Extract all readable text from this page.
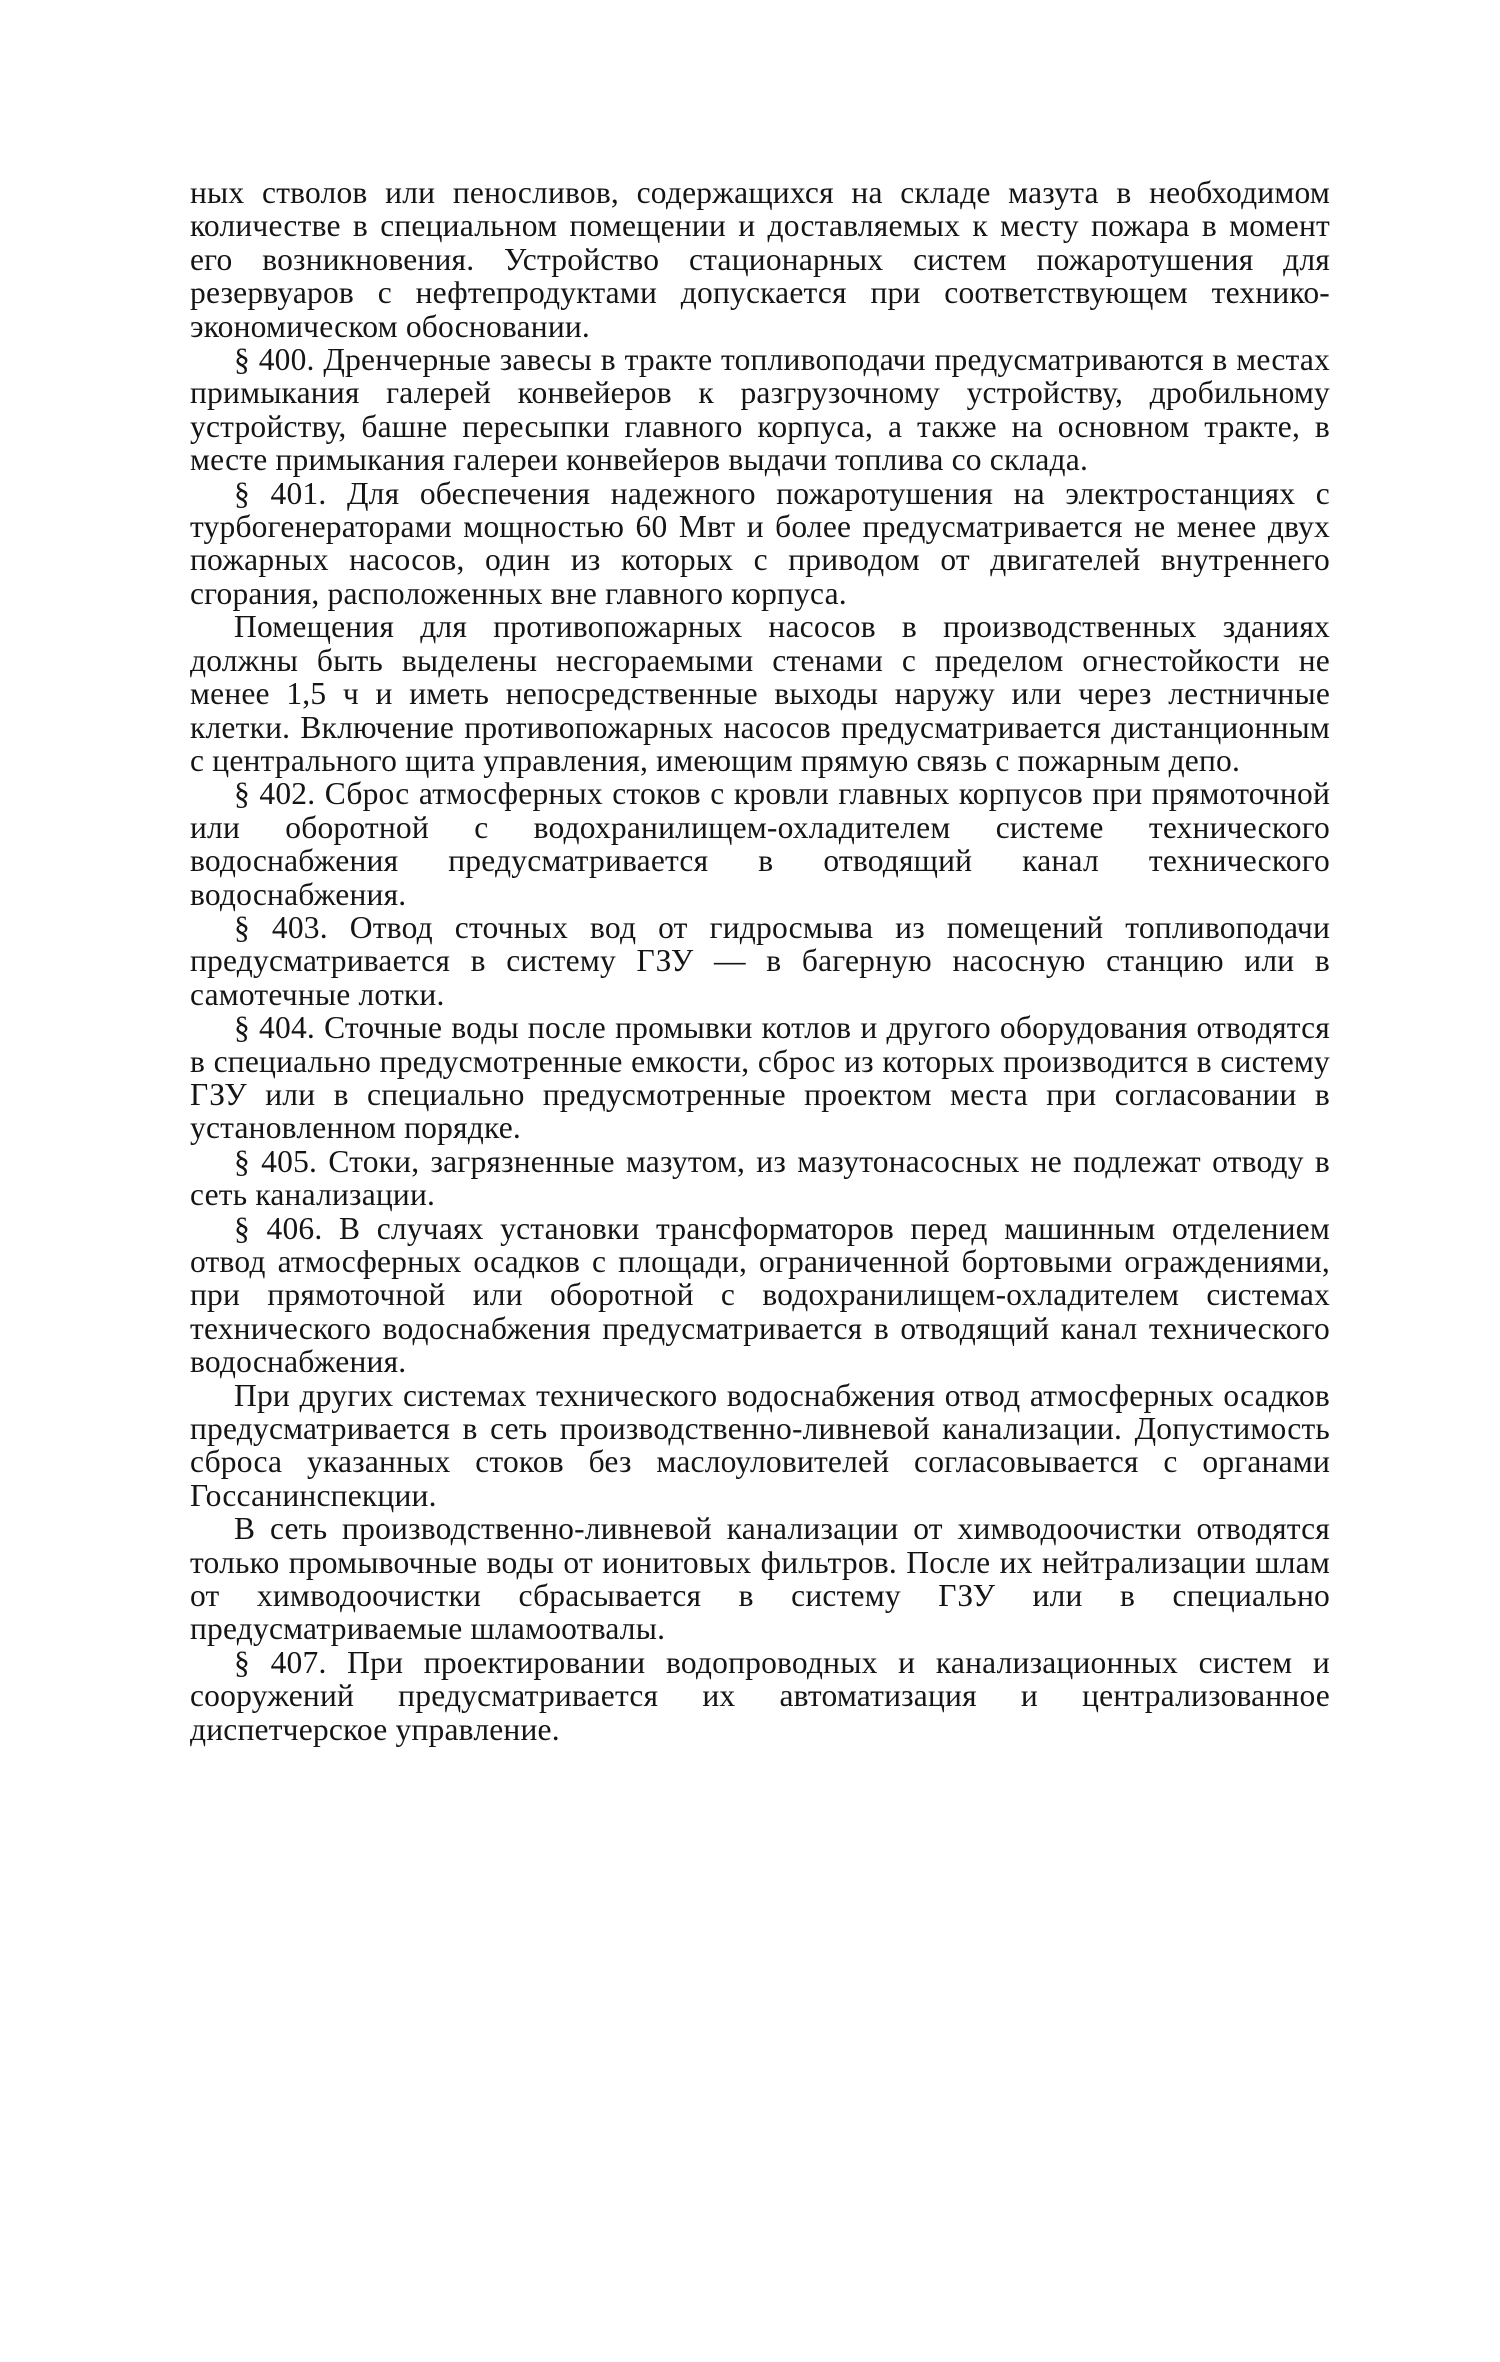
ных стволов или пеносливов, содержащихся на складе мазута в необходимом количестве в специальном помещении и доставляемых к месту пожара в момент его возникновения. Устройство стационарных систем пожаротушения для резервуаров с нефтепродуктами допускается при соответствующем технико-экономическом обосновании.

§ 400. Дренчерные завесы в тракте топливоподачи предусматриваются в местах примыкания галерей конвейеров к разгрузочному устройству, дробильному устройству, башне пересыпки главного корпуса, а также на основном тракте, в месте примыкания галереи конвейеров выдачи топлива со склада.

§ 401. Для обеспечения надежного пожаротушения на электростанциях с турбогенераторами мощностью 60 Мвт и более предусматривается не менее двух пожарных насосов, один из которых с приводом от двигателей внутреннего сгорания, расположенных вне главного корпуса.

Помещения для противопожарных насосов в производственных зданиях должны быть выделены несгораемыми стенами с пределом огнестойкости не менее 1,5 ч и иметь непосредственные выходы наружу или через лестничные клетки. Включение противопожарных насосов предусматривается дистанционным с центрального щита управления, имеющим прямую связь с пожарным депо.

§ 402. Сброс атмосферных стоков с кровли главных корпусов при прямоточной или оборотной с водохранилищем-охладителем системе технического водоснабжения предусматривается в отводящий канал технического водоснабжения.

§ 403. Отвод сточных вод от гидросмыва из помещений топливоподачи предусматривается в систему ГЗУ — в багерную насосную станцию или в самотечные лотки.

§ 404. Сточные воды после промывки котлов и другого оборудования отводятся в специально предусмотренные емкости, сброс из которых производится в систему ГЗУ или в специально предусмотренные проектом места при согласовании в установленном порядке.

§ 405. Стоки, загрязненные мазутом, из мазутонасосных не подлежат отводу в сеть канализации.

§ 406. В случаях установки трансформаторов перед машинным отделением отвод атмосферных осадков с площади, ограниченной бортовыми ограждениями, при прямоточной или оборотной с водохранилищем-охладителем системах технического водоснабжения предусматривается в отводящий канал технического водоснабжения.

При других системах технического водоснабжения отвод атмосферных осадков предусматривается в сеть производственно-ливневой канализации. Допустимость сброса указанных стоков без маслоуловителей согласовывается с органами Госсанинспекции.

В сеть производственно-ливневой канализации от химводоочистки отводятся только промывочные воды от ионитовых фильтров. После их нейтрализации шлам от химводоочистки сбрасывается в систему ГЗУ или в специально предусматриваемые шламоотвалы.

§ 407. При проектировании водопроводных и канализационных систем и сооружений предусматривается их автоматизация и централизованное диспетчерское управление.
